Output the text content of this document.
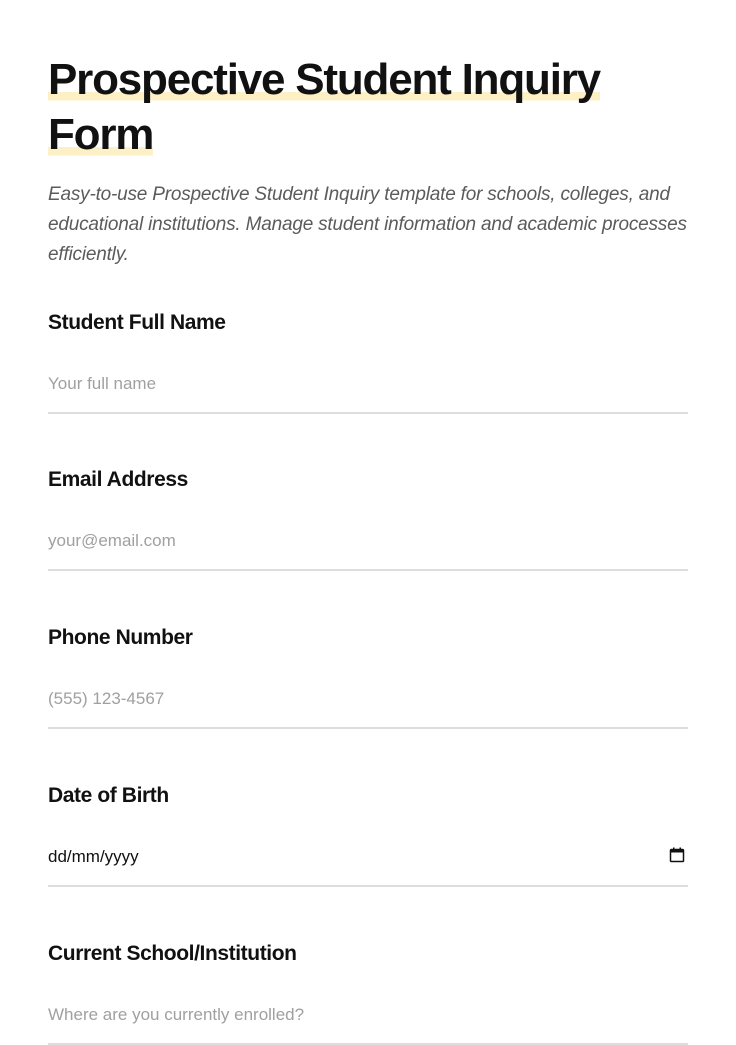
Prospective Student Inquiry Form

Easy-to-use Prospective Student Inquiry template for schools, colleges, and educational institutions. Manage student information and academic processes efficiently.

Student Full Name
Your full name
Email Address
your@email.com
Phone Number
(555) 123-4567
Date of Birth
dd/mm/yyyy
Current School/Institution
Where are you currently enrolled?
